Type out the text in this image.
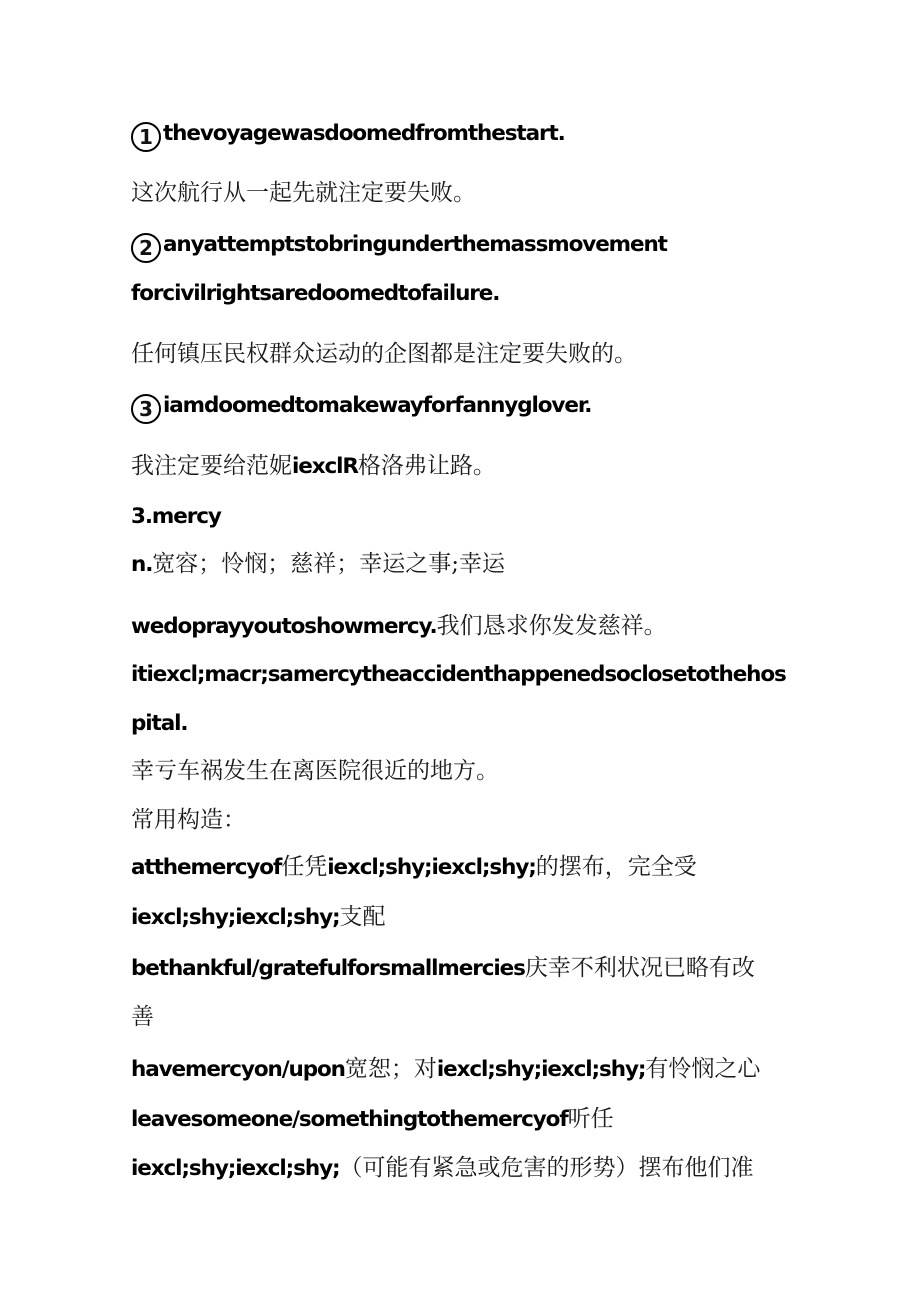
1 thevoyagewasdoomedfromthestart.
这次航行从一起先就注定要失败。
2 anyattemptstobringunderthemassmovement
forcivilrightsaredoomedtofailure.
任何镇压民权群众运动的企图都是注定要失败的。
3 iamdoomedtomakewayforfannyglover.
我注定要给范妮iexclR格洛弗让路。
3.mercy
n.宽容；怜悯；慈祥；幸运之事;幸运
wedoprayyoutoshowmercy.我们恳求你发发慈祥。
itiexcl;macr;samercytheaccidenthappenedsoclosetothehos
pital.
幸亏车祸发生在离医院很近的地方。
常用构造：
atthemercyof任凭iexcl;shy;iexcl;shy;的摆布，完全受
iexcl;shy;iexcl;shy;支配
bethankful/gratefulforsmallmercies庆幸不利状况已略有改
善
havemercyon/upon宽恕；对iexcl;shy;iexcl;shy;有怜悯之心
leavesomeone/somethingtothemercyof听任
iexcl;shy;iexcl;shy;（可能有紧急或危害的形势）摆布他们准
